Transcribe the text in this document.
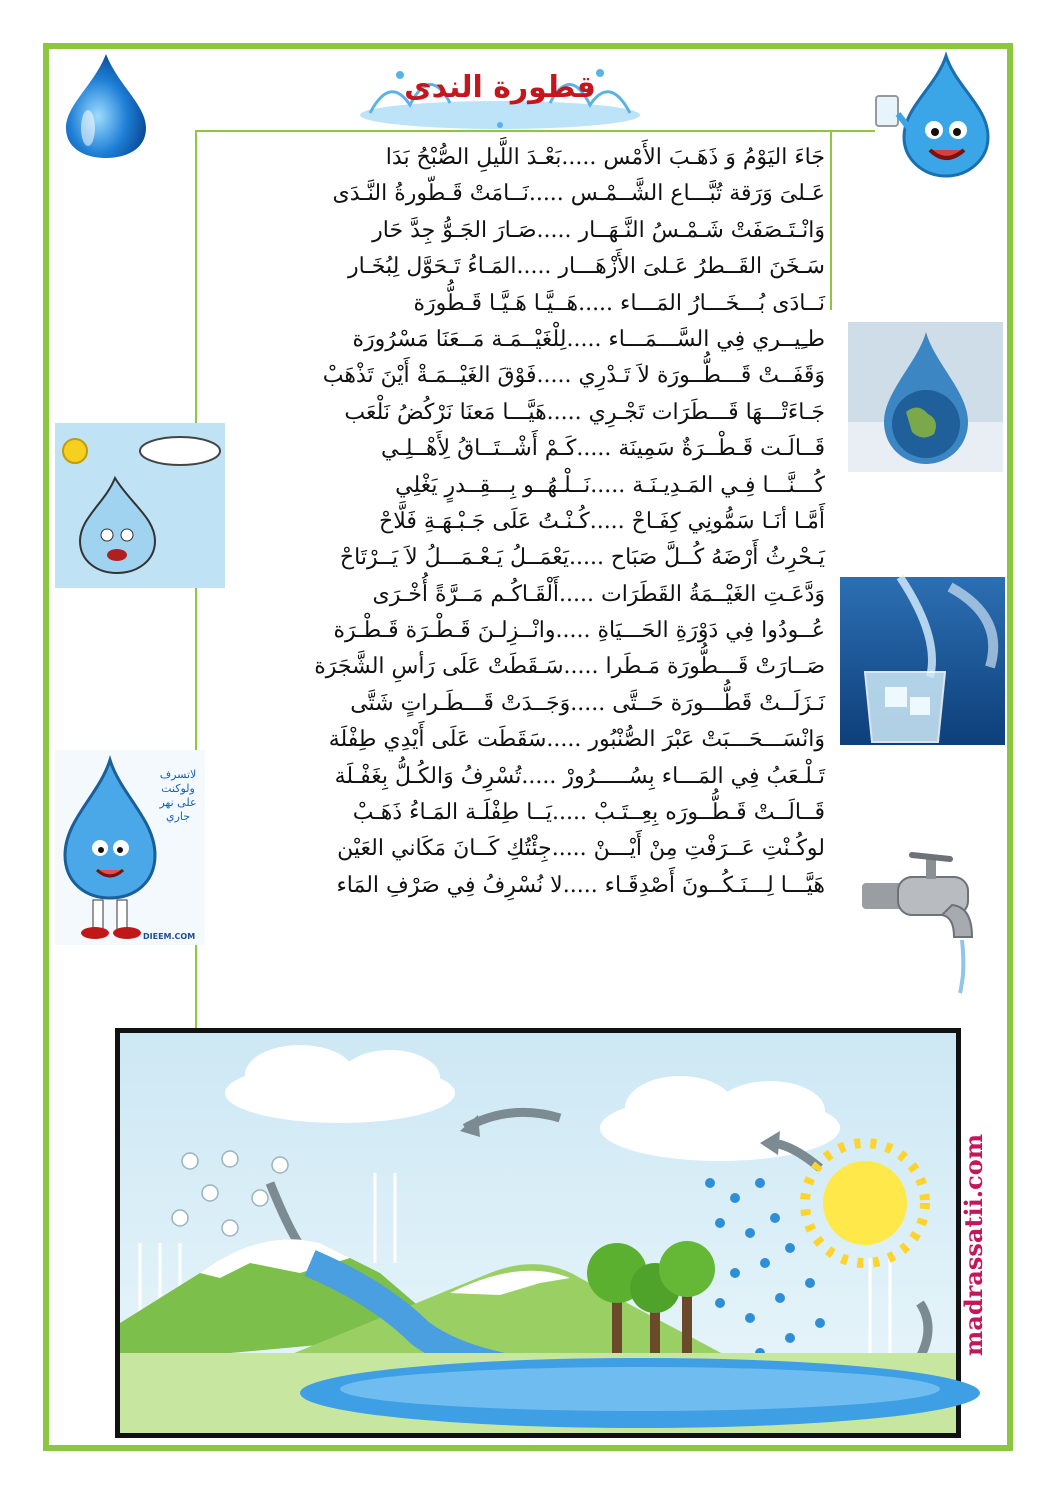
قطورة الندى
جَاءَ اليَوْمُ وَ ذَهَـبَ الأَمْس .....بَعْـدَ اللَّيلِ الصُّبْحُ بَدَا
عَـلىَ وَرَقة تُبَّـــاع الشَّــمْـس .....نَــامَتْ قَـطّورةُ النَّـدَى
وَانْـتَـصَفَتْ شَـمْـسُ النَّـهَــار .....صَـارَ الجَـوُّ جِدَّ حَار
سَـخَنَ القَــطرُ عَـلىَ الأَزْهَـــار .....المَـاءُ تَـحَوَّل لِبُخَـار
نَــادَى بُـــخَـــارُ المَـــاء .....هَــيَّـا هَـيَّـا قَـطُّورَة
طـِيــري فِي السَّـــمَـــاء .....لِلْغَيْــمَـة مَــعَنَا مَسْرُورَة
وَقَفَــتْ قَـــطُّــورَة لاَ تَـدْرِي .....فَوْقَ الغَيْــمَـةْ أَيْنَ تَذْهَبْ
جَـاءَتْـــهَا قَـــطَرَات تَجْـرِي .....هَيَّـــا مَعنَا نَرْكُضُ نَلْعَب
قَــالَـت قَـطْــرَةٌ سَمِينَة .....كَـمْ أَشْــتَــاقُ لِأَهْــلِـي
كُـــنَّـــا فِـي المَـدِيـنَـة .....نَــلْـهُــو بِـــقِــدرٍ يَغْلِي
أَمَّـا أنَـا سَمُّونِي كِفَـاحْ .....كُـنْـتُ عَلَى جَـبْـهَـةِ فَلَّاحْ
يَـحْرِثُ أَرْضَهُ كُــلَّ صَبَاح .....يَعْمَــلُ يَـعْـمَـــلُ لاَ يَــرْتَاحْ
وَدَّعَـتِ الغَيْــمَةُ القَطَرَات .....أَلْقَـاكُـم مَــرَّةً أُخْـرَى
عُــودُوا فِي دَوْرَةِ الحَـــيَاةِ .....وانْــزِلـنَ قَـطْـرَة قَـطْـرَة
صَــارَتْ قَـــطُّورَة مَـطَرا .....سَـقَطَتْ عَلَى رَأسِ الشَّجَرَة
نَـزَلَــتْ قَطُّـــورَة حَــتَّى .....وَجَــدَتْ قَـــطَـراتٍ شَتَّى
وَانْسَـــحَـــبَتْ عَبْرَ الصُّنْبُور .....سَقَطَت عَلَى أَيْدِي طِفْلَة
تَـلْـعَبُ فِي المَـــاء بِسُـــــرُورْ .....تُسْرِفُ وَالكُـلُّ بِغَفْـلَة
قَــالَــتْ قَـطُّــورَه بِعِــتَـبْ .....يَــا طِفْلَـة المَـاءُ ذَهَـبْ
لوكُـنْتِ عَــرَفْتِ مِنْ أَيْـــنْ .....جِئْتُكِ كَــانَ مَكَاني العَيْن
هَيَّـــا لِـــنَـكُــونَ أَصْدِقَـاء .....لا نُسْرِفُ فِي صَرْفِ المَاء
لاتسرف ولوكنت على نهر جاري
DIEEM.COM
madrassatii.com
